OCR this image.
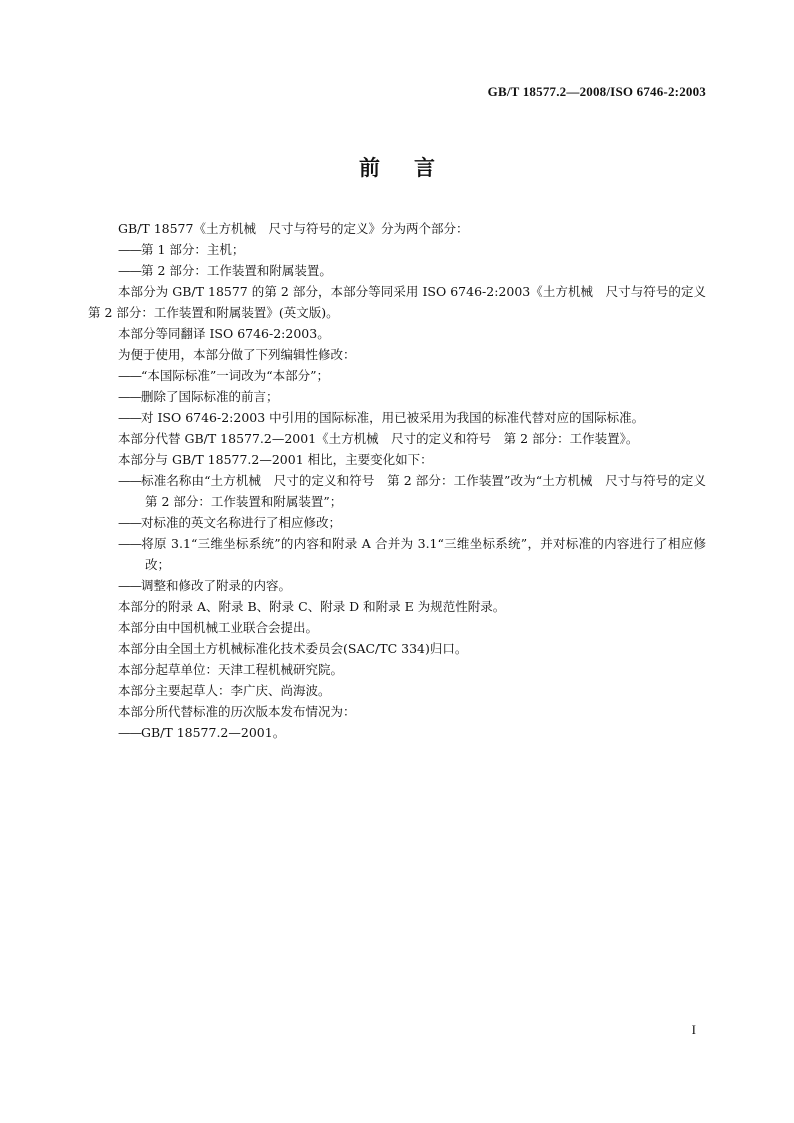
GB/T 18577.2—2008/ISO 6746-2:2003
前言

GB/T 18577《土方机械　尺寸与符号的定义》分为两个部分：

——第 1 部分：主机；

——第 2 部分：工作装置和附属装置。

本部分为 GB/T 18577 的第 2 部分，本部分等同采用 ISO 6746-2:2003《土方机械　尺寸与符号的定义　第 2 部分：工作装置和附属装置》(英文版)。

本部分等同翻译 ISO 6746-2:2003。

为便于使用，本部分做了下列编辑性修改：

——“本国际标准”一词改为“本部分”；

——删除了国际标准的前言；

——对 ISO 6746-2:2003 中引用的国际标准，用已被采用为我国的标准代替对应的国际标准。

本部分代替 GB/T 18577.2—2001《土方机械　尺寸的定义和符号　第 2 部分：工作装置》。

本部分与 GB/T 18577.2—2001 相比，主要变化如下：

——标准名称由“土方机械　尺寸的定义和符号　第 2 部分：工作装置”改为“土方机械　尺寸与符号的定义　第 2 部分：工作装置和附属装置”；

——对标准的英文名称进行了相应修改；

——将原 3.1“三维坐标系统”的内容和附录 A 合并为 3.1“三维坐标系统”，并对标准的内容进行了相应修改；

——调整和修改了附录的内容。

本部分的附录 A、附录 B、附录 C、附录 D 和附录 E 为规范性附录。

本部分由中国机械工业联合会提出。

本部分由全国土方机械标准化技术委员会(SAC/TC 334)归口。

本部分起草单位：天津工程机械研究院。

本部分主要起草人：李广庆、尚海波。

本部分所代替标准的历次版本发布情况为：

——GB/T 18577.2—2001。

I
